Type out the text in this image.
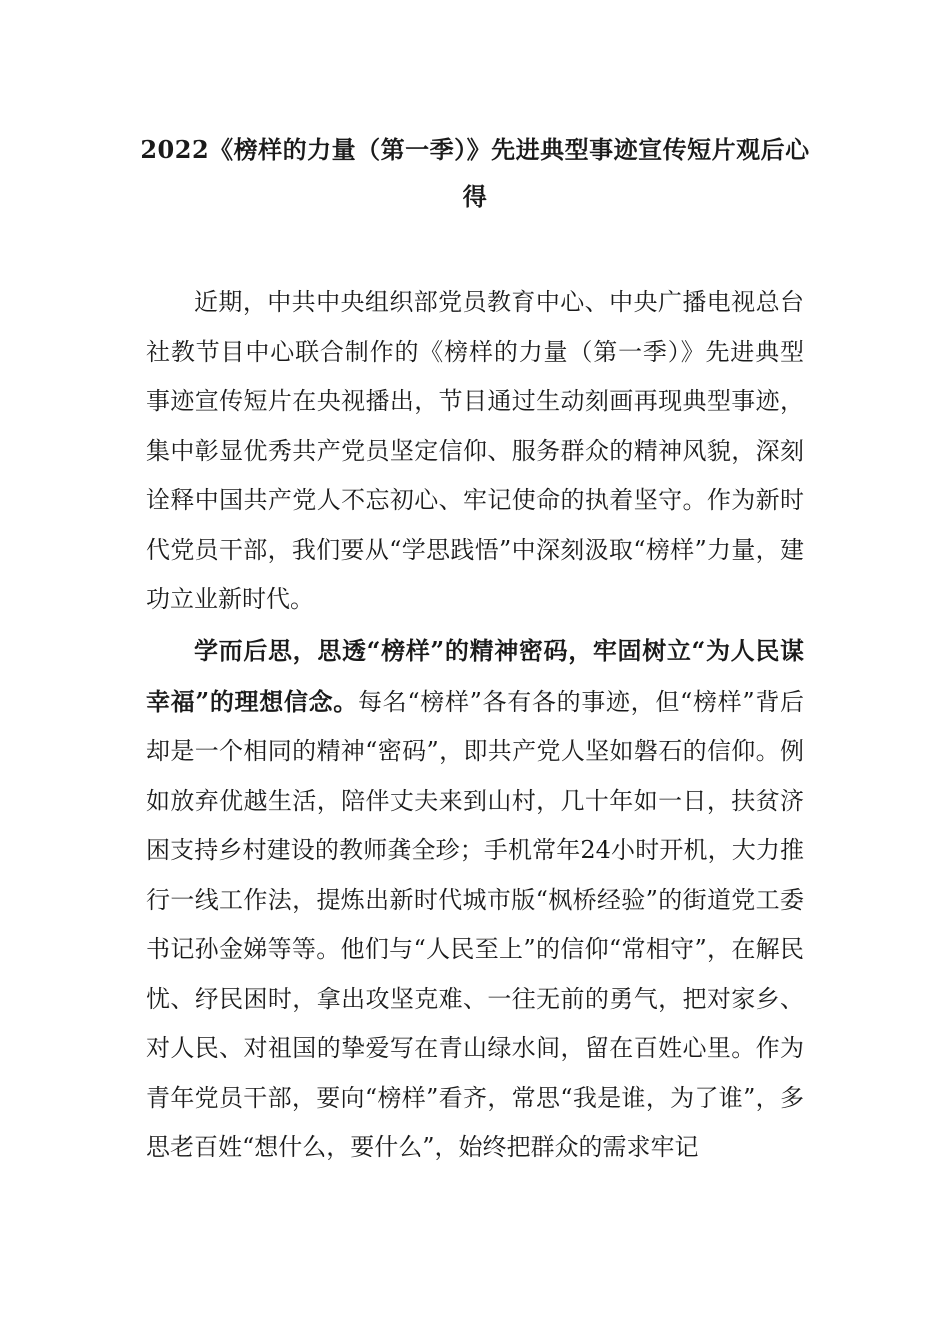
2022《榜样的力量（第一季）》先进典型事迹宣传短片观后心得

近期，中共中央组织部党员教育中心、中央广播电视总台社教节目中心联合制作的《榜样的力量（第一季）》先进典型事迹宣传短片在央视播出，节目通过生动刻画再现典型事迹，集中彰显优秀共产党员坚定信仰、服务群众的精神风貌，深刻诠释中国共产党人不忘初心、牢记使命的执着坚守。作为新时代党员干部，我们要从“学思践悟”中深刻汲取“榜样”力量，建功立业新时代。

学而后思，思透“榜样”的精神密码，牢固树立“为人民谋幸福”的理想信念。每名“榜样”各有各的事迹，但“榜样”背后却是一个相同的精神“密码”，即共产党人坚如磐石的信仰。例如放弃优越生活，陪伴丈夫来到山村，几十年如一日，扶贫济困支持乡村建设的教师龚全珍；手机常年24小时开机，大力推行一线工作法，提炼出新时代城市版“枫桥经验”的街道党工委书记孙金娣等等。他们与“人民至上”的信仰“常相守”，在解民忧、纾民困时，拿出攻坚克难、一往无前的勇气，把对家乡、对人民、对祖国的挚爱写在青山绿水间，留在百姓心里。作为青年党员干部，要向“榜样”看齐，常思“我是谁，为了谁”，多思老百姓“想什么，要什么”，始终把群众的需求牢记
